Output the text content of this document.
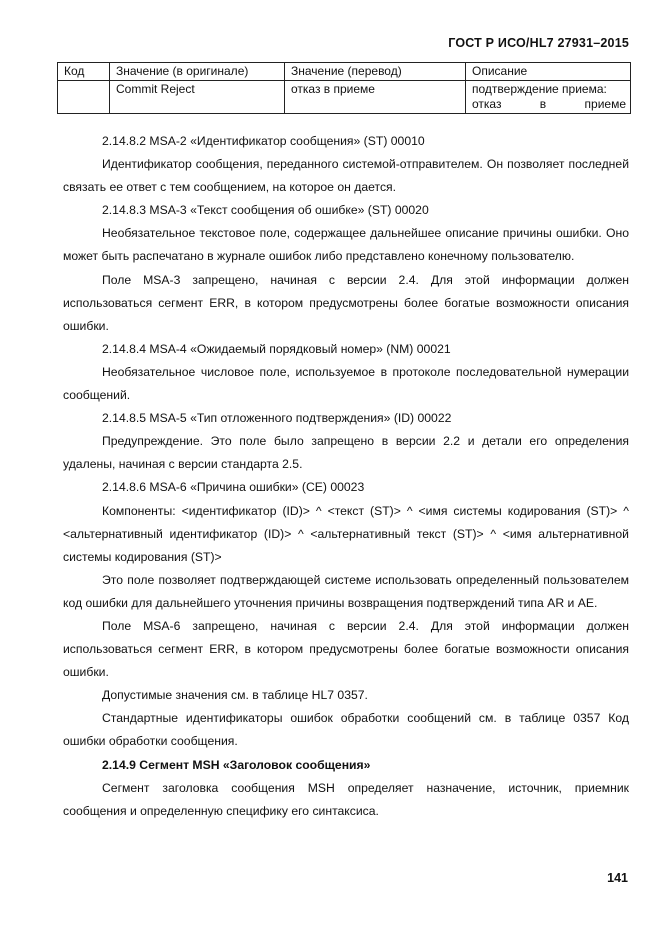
ГОСТ Р ИСО/HL7 27931–2015
Код	Значение (в оригинале)	Значение (перевод)	Описание
	Commit Reject	отказ в приеме	подтверждение приема: отказ в приеме

2.14.8.2 MSA-2 «Идентификатор сообщения» (ST) 00010

Идентификатор сообщения, переданного системой-отправителем. Он позволяет последней связать ее ответ с тем сообщением, на которое он дается.

2.14.8.3 MSA-3 «Текст сообщения об ошибке» (ST) 00020

Необязательное текстовое поле, содержащее дальнейшее описание причины ошибки. Оно может быть распечатано в журнале ошибок либо представлено конечному пользователю.

Поле MSA-3 запрещено, начиная с версии 2.4. Для этой информации должен использоваться сегмент ERR, в котором предусмотрены более богатые возможности описания ошибки.

2.14.8.4 MSA-4 «Ожидаемый порядковый номер» (NM) 00021

Необязательное числовое поле, используемое в протоколе последовательной нумерации сообщений.

2.14.8.5 MSA-5 «Тип отложенного подтверждения» (ID) 00022

Предупреждение. Это поле было запрещено в версии 2.2 и детали его определения удалены, начиная с версии стандарта 2.5.

2.14.8.6 MSA-6 «Причина ошибки» (CE) 00023

Компоненты: <идентификатор (ID)> ^ <текст (ST)> ^ <имя системы кодирования (ST)> ^ <альтернативный идентификатор (ID)> ^ <альтернативный текст (ST)> ^ <имя альтернативной системы кодирования (ST)>

Это поле позволяет подтверждающей системе использовать определенный пользователем код ошибки для дальнейшего уточнения причины возвращения подтверждений типа AR и AE.

Поле MSA-6 запрещено, начиная с версии 2.4. Для этой информации должен использоваться сегмент ERR, в котором предусмотрены более богатые возможности описания ошибки.

Допустимые значения см. в таблице HL7 0357.

Стандартные идентификаторы ошибок обработки сообщений см. в таблице 0357 Код ошибки обработки сообщения.

2.14.9 Сегмент MSH «Заголовок сообщения»

Сегмент заголовка сообщения MSH определяет назначение, источник, приемник сообщения и определенную специфику его синтаксиса.

141
